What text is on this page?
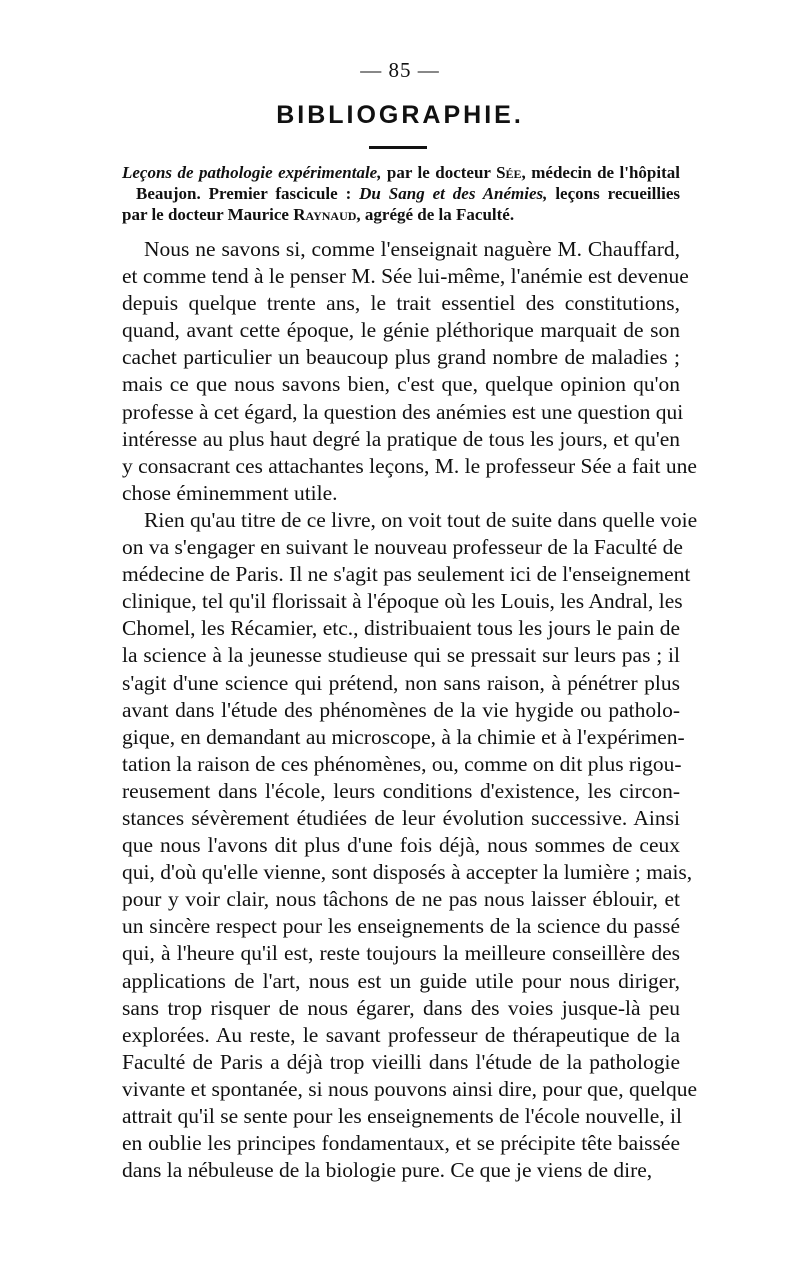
— 85 —
BIBLIOGRAPHIE.
Leçons de pathologie expérimentale, par le docteur Sée, médecin de l'hôpital
Beaujon. Premier fascicule : Du Sang et des Anémies, leçons recueillies
par le docteur Maurice Raynaud, agrégé de la Faculté.
Nous ne savons si, comme l'enseignait naguère M. Chauffard,
et comme tend à le penser M. Sée lui-même, l'anémie est devenue
depuis quelque trente ans, le trait essentiel des constitutions,
quand, avant cette époque, le génie pléthorique marquait de son
cachet particulier un beaucoup plus grand nombre de maladies ;
mais ce que nous savons bien, c'est que, quelque opinion qu'on
professe à cet égard, la question des anémies est une question qui
intéresse au plus haut degré la pratique de tous les jours, et qu'en
y consacrant ces attachantes leçons, M. le professeur Sée a fait une
chose éminemment utile.
Rien qu'au titre de ce livre, on voit tout de suite dans quelle voie
on va s'engager en suivant le nouveau professeur de la Faculté de
médecine de Paris. Il ne s'agit pas seulement ici de l'enseignement
clinique, tel qu'il florissait à l'époque où les Louis, les Andral, les
Chomel, les Récamier, etc., distribuaient tous les jours le pain de
la science à la jeunesse studieuse qui se pressait sur leurs pas ; il
s'agit d'une science qui prétend, non sans raison, à pénétrer plus
avant dans l'étude des phénomènes de la vie hygide ou patholo-
gique, en demandant au microscope, à la chimie et à l'expérimen-
tation la raison de ces phénomènes, ou, comme on dit plus rigou-
reusement dans l'école, leurs conditions d'existence, les circon-
stances sévèrement étudiées de leur évolution successive. Ainsi
que nous l'avons dit plus d'une fois déjà, nous sommes de ceux
qui, d'où qu'elle vienne, sont disposés à accepter la lumière ; mais,
pour y voir clair, nous tâchons de ne pas nous laisser éblouir, et
un sincère respect pour les enseignements de la science du passé
qui, à l'heure qu'il est, reste toujours la meilleure conseillère des
applications de l'art, nous est un guide utile pour nous diriger,
sans trop risquer de nous égarer, dans des voies jusque-là peu
explorées. Au reste, le savant professeur de thérapeutique de la
Faculté de Paris a déjà trop vieilli dans l'étude de la pathologie
vivante et spontanée, si nous pouvons ainsi dire, pour que, quelque
attrait qu'il se sente pour les enseignements de l'école nouvelle, il
en oublie les principes fondamentaux, et se précipite tête baissée
dans la nébuleuse de la biologie pure. Ce que je viens de dire,
